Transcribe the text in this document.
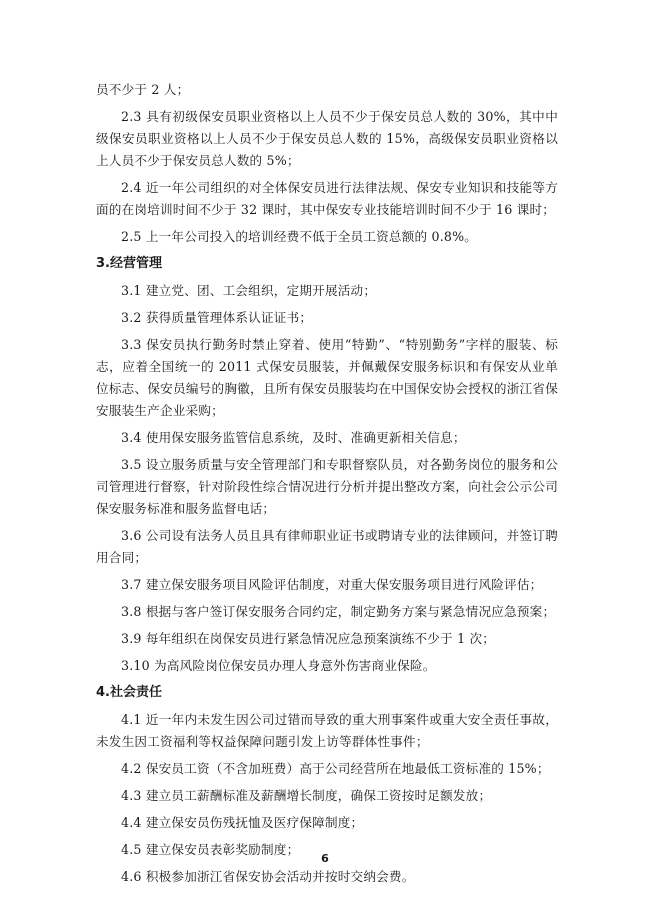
员不少于 2 人；

2.3 具有初级保安员职业资格以上人员不少于保安员总人数的 30%，其中中级保安员职业资格以上人员不少于保安员总人数的 15%，高级保安员职业资格以上人员不少于保安员总人数的 5%；

2.4 近一年公司组织的对全体保安员进行法律法规、保安专业知识和技能等方面的在岗培训时间不少于 32 课时，其中保安专业技能培训时间不少于 16 课时；

2.5 上一年公司投入的培训经费不低于全员工资总额的 0.8%。

3.经营管理

3.1 建立党、团、工会组织，定期开展活动；

3.2 获得质量管理体系认证证书；

3.3 保安员执行勤务时禁止穿着、使用“特勤”、“特别勤务”字样的服装、标志，应着全国统一的 2011 式保安员服装，并佩戴保安服务标识和有保安从业单位标志、保安员编号的胸徽，且所有保安员服装均在中国保安协会授权的浙江省保安服装生产企业采购；

3.4 使用保安服务监管信息系统，及时、准确更新相关信息；

3.5 设立服务质量与安全管理部门和专职督察队员，对各勤务岗位的服务和公司管理进行督察，针对阶段性综合情况进行分析并提出整改方案，向社会公示公司保安服务标准和服务监督电话；

3.6 公司设有法务人员且具有律师职业证书或聘请专业的法律顾问，并签订聘用合同；

3.7 建立保安服务项目风险评估制度，对重大保安服务项目进行风险评估；

3.8 根据与客户签订保安服务合同约定，制定勤务方案与紧急情况应急预案；

3.9 每年组织在岗保安员进行紧急情况应急预案演练不少于 1 次；

3.10 为高风险岗位保安员办理人身意外伤害商业保险。

4.社会责任

4.1 近一年内未发生因公司过错而导致的重大刑事案件或重大安全责任事故，未发生因工资福利等权益保障问题引发上访等群体性事件；

4.2 保安员工资（不含加班费）高于公司经营所在地最低工资标准的 15%；

4.3 建立员工薪酬标准及薪酬增长制度，确保工资按时足额发放；

4.4 建立保安员伤残抚恤及医疗保障制度；

4.5 建立保安员表彰奖励制度；

4.6 积极参加浙江省保安协会活动并按时交纳会费。

6
